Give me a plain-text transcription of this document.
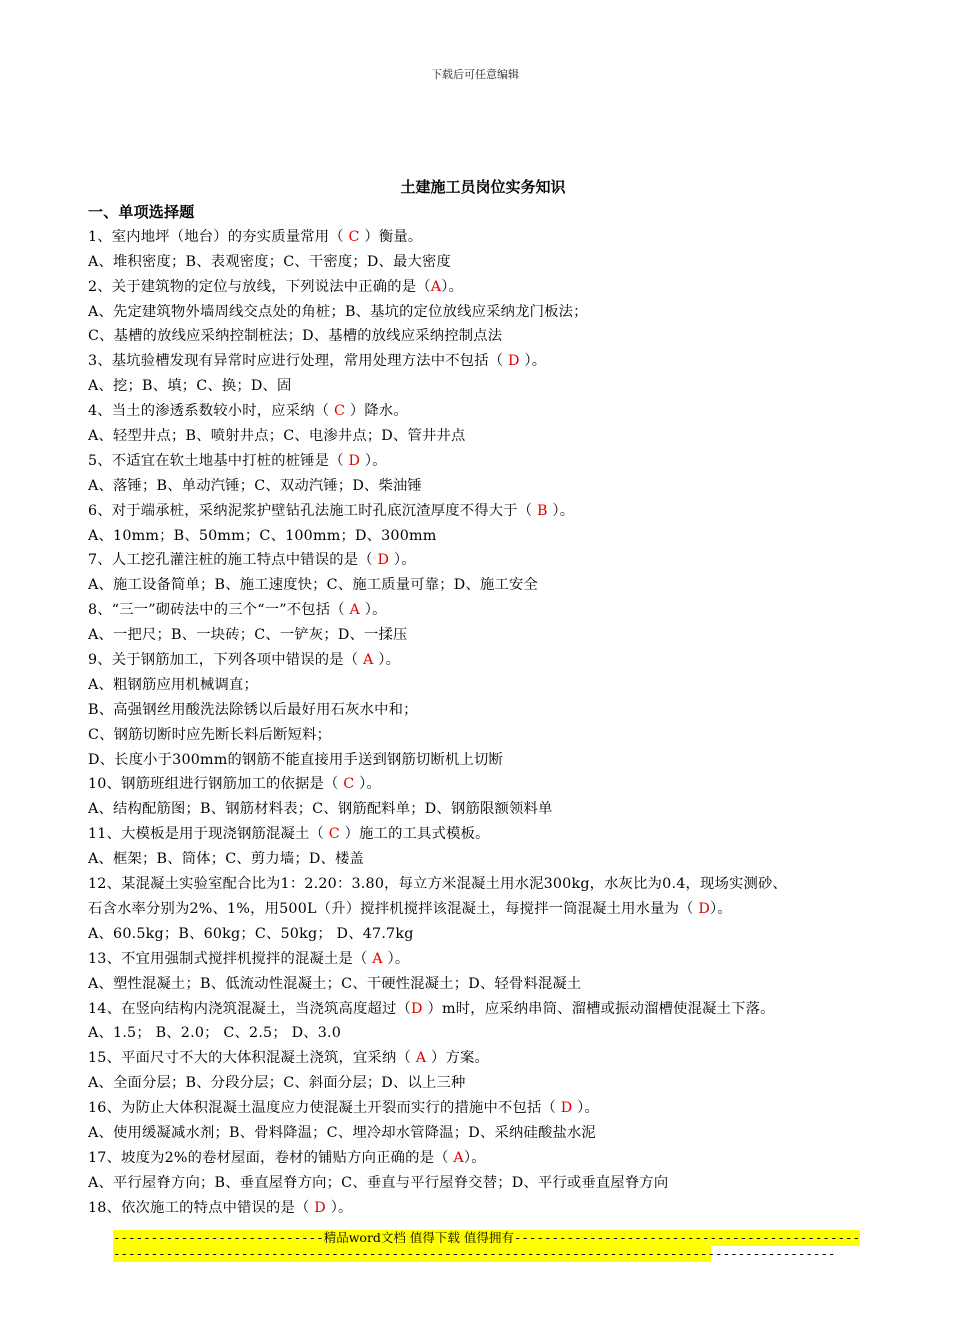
下载后可任意编辑
土建施工员岗位实务知识
一、单项选择题
1、室内地坪（地台）的夯实质量常用（ C ）衡量。
A、堆积密度；B、表观密度；C、干密度；D、最大密度
2、关于建筑物的定位与放线，下列说法中正确的是（A）。
A、先定建筑物外墙周线交点处的角桩；B、基坑的定位放线应采纳龙门板法；
C、基槽的放线应采纳控制桩法；D、基槽的放线应采纳控制点法
3、基坑验槽发现有异常时应进行处理，常用处理方法中不包括（ D ）。
A、挖；B、填；C、换；D、固
4、当土的渗透系数较小时，应采纳（ C ）降水。
A、轻型井点；B、喷射井点；C、电渗井点；D、管井井点
5、不适宜在软土地基中打桩的桩锤是（ D ）。
A、落锤；B、单动汽锤；C、双动汽锤；D、柴油锤
6、对于端承桩，采纳泥浆护壁钻孔法施工时孔底沉渣厚度不得大于（ B ）。
A、10mm；B、50mm；C、100mm；D、300mm
7、人工挖孔灌注桩的施工特点中错误的是（ D ）。
A、施工设备简单；B、施工速度快；C、施工质量可靠；D、施工安全
8、“三一”砌砖法中的三个“一”不包括（ A ）。
A、一把尺；B、一块砖；C、一铲灰；D、一揉压
9、关于钢筋加工，下列各项中错误的是（ A ）。
A、粗钢筋应用机械调直；
B、高强钢丝用酸洗法除锈以后最好用石灰水中和；
C、钢筋切断时应先断长料后断短料；
D、长度小于300mm的钢筋不能直接用手送到钢筋切断机上切断
10、钢筋班组进行钢筋加工的依据是（ C ）。
A、结构配筋图；B、钢筋材料表；C、钢筋配料单；D、钢筋限额领料单
11、大模板是用于现浇钢筋混凝土（ C ）施工的工具式模板。
A、框架；B、筒体；C、剪力墙；D、楼盖
12、某混凝土实验室配合比为1：2.20：3.80，每立方米混凝土用水泥300kg，水灰比为0.4，现场实测砂、
石含水率分别为2%、1%，用500L（升）搅拌机搅拌该混凝土，每搅拌一筒混凝土用水量为（ D）。
A、60.5kg；B、60kg；C、50kg； D、47.7kg
13、不宜用强制式搅拌机搅拌的混凝土是（ A ）。
A、塑性混凝土；B、低流动性混凝土；C、干硬性混凝土；D、轻骨料混凝土
14、在竖向结构内浇筑混凝土，当浇筑高度超过（D ）m时，应采纳串筒、溜槽或振动溜槽使混凝土下落。
A、1.5； B、2.0； C、2.5； D、3.0
15、平面尺寸不大的大体积混凝土浇筑，宜采纳（ A ）方案。
A、全面分层；B、分段分层；C、斜面分层；D、以上三种
16、为防止大体积混凝土温度应力使混凝土开裂而实行的措施中不包括（ D ）。
A、使用缓凝减水剂；B、骨料降温；C、埋冷却水管降温；D、采纳硅酸盐水泥
17、坡度为2%的卷材屋面，卷材的铺贴方向正确的是（ A）。
A、平行屋脊方向；B、垂直屋脊方向；C、垂直与平行屋脊交替；D、平行或垂直屋脊方向
18、依次施工的特点中错误的是（ D ）。
----------------------------精品word文档 值得下载 值得拥有----------------------------------------------
------------------------------------------------------------------------------------------------
